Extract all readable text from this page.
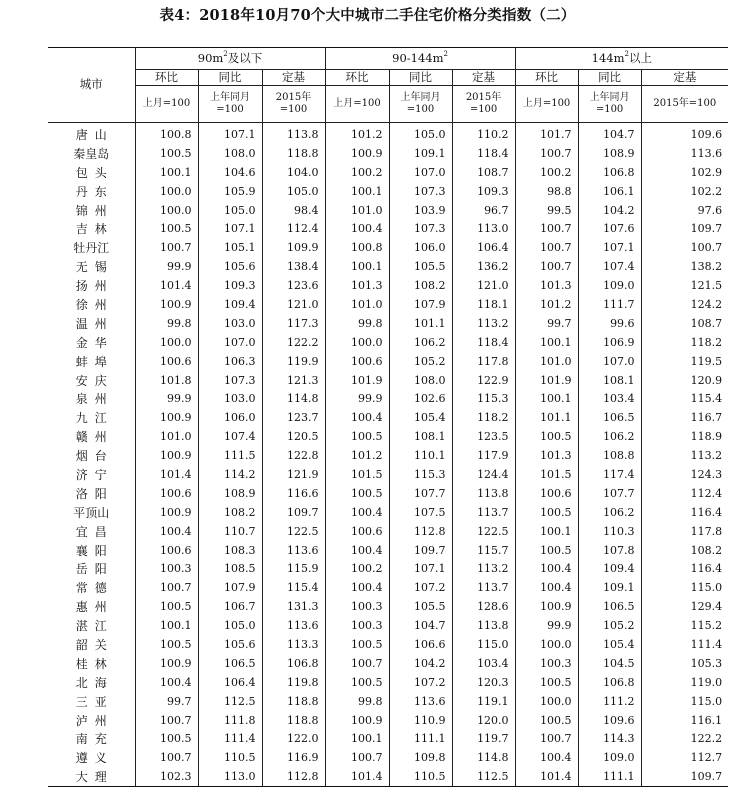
表4：2018年10月70个大中城市二手住宅价格分类指数（二）
城市	$90m^2$及以下			$90-144m^2$			$144m^2$以上		
	环比	同比	定基	环比	同比	定基	环比	同比	定基
	上月=100	上年同月=100	2015年=100	上月=100	上年同月=100	2015年=100	上月=100	上年同月=100	2015年=100
唐山	100.8	107.1	113.8	101.2	105.0	110.2	101.7	104.7	109.6
秦皇岛	100.5	108.0	118.8	100.9	109.1	118.4	100.7	108.9	113.6
包头	100.1	104.6	104.0	100.2	107.0	108.7	100.2	106.8	102.9
丹东	100.0	105.9	105.0	100.1	107.3	109.3	98.8	106.1	102.2
锦州	100.0	105.0	98.4	101.0	103.9	96.7	99.5	104.2	97.6
吉林	100.5	107.1	112.4	100.4	107.3	113.0	100.7	107.6	109.7
牡丹江	100.7	105.1	109.9	100.8	106.0	106.4	100.7	107.1	100.7
无锡	99.9	105.6	138.4	100.1	105.5	136.2	100.7	107.4	138.2
扬州	101.4	109.3	123.6	101.3	108.2	121.0	101.3	109.0	121.5
徐州	100.9	109.4	121.0	101.0	107.9	118.1	101.2	111.7	124.2
温州	99.8	103.0	117.3	99.8	101.1	113.2	99.7	99.6	108.7
金华	100.0	107.0	122.2	100.0	106.2	118.4	100.1	106.9	118.2
蚌埠	100.6	106.3	119.9	100.6	105.2	117.8	101.0	107.0	119.5
安庆	101.8	107.3	121.3	101.9	108.0	122.9	101.9	108.1	120.9
泉州	99.9	103.0	114.8	99.9	102.6	115.3	100.1	103.4	115.4
九江	100.9	106.0	123.7	100.4	105.4	118.2	101.1	106.5	116.7
赣州	101.0	107.4	120.5	100.5	108.1	123.5	100.5	106.2	118.9
烟台	100.9	111.5	122.8	101.2	110.1	117.9	101.3	108.8	113.2
济宁	101.4	114.2	121.9	101.5	115.3	124.4	101.5	117.4	124.3
洛阳	100.6	108.9	116.6	100.5	107.7	113.8	100.6	107.7	112.4
平顶山	100.9	108.2	109.7	100.4	107.5	113.7	100.5	106.2	116.4
宜昌	100.4	110.7	122.5	100.6	112.8	122.5	100.1	110.3	117.8
襄阳	100.6	108.3	113.6	100.4	109.7	115.7	100.5	107.8	108.2
岳阳	100.3	108.5	115.9	100.2	107.1	113.2	100.4	109.4	116.4
常德	100.7	107.9	115.4	100.4	107.2	113.7	100.4	109.1	115.0
惠州	100.5	106.7	131.3	100.3	105.5	128.6	100.9	106.5	129.4
湛江	100.1	105.0	113.6	100.3	104.7	113.8	99.9	105.2	115.2
韶关	100.5	105.6	113.3	100.5	106.6	115.0	100.0	105.4	111.4
桂林	100.9	106.5	106.8	100.7	104.2	103.4	100.3	104.5	105.3
北海	100.4	106.4	119.8	100.5	107.2	120.3	100.5	106.8	119.0
三亚	99.7	112.5	118.8	99.8	113.6	119.1	100.0	111.2	115.0
泸州	100.7	111.8	118.8	100.9	110.9	120.0	100.5	109.6	116.1
南充	100.5	111.4	122.0	100.1	111.1	119.7	100.7	114.3	122.2
遵义	100.7	110.5	116.9	100.7	109.8	114.8	100.4	109.0	112.7
大理	102.3	113.0	112.8	101.4	110.5	112.5	101.4	111.1	109.7
